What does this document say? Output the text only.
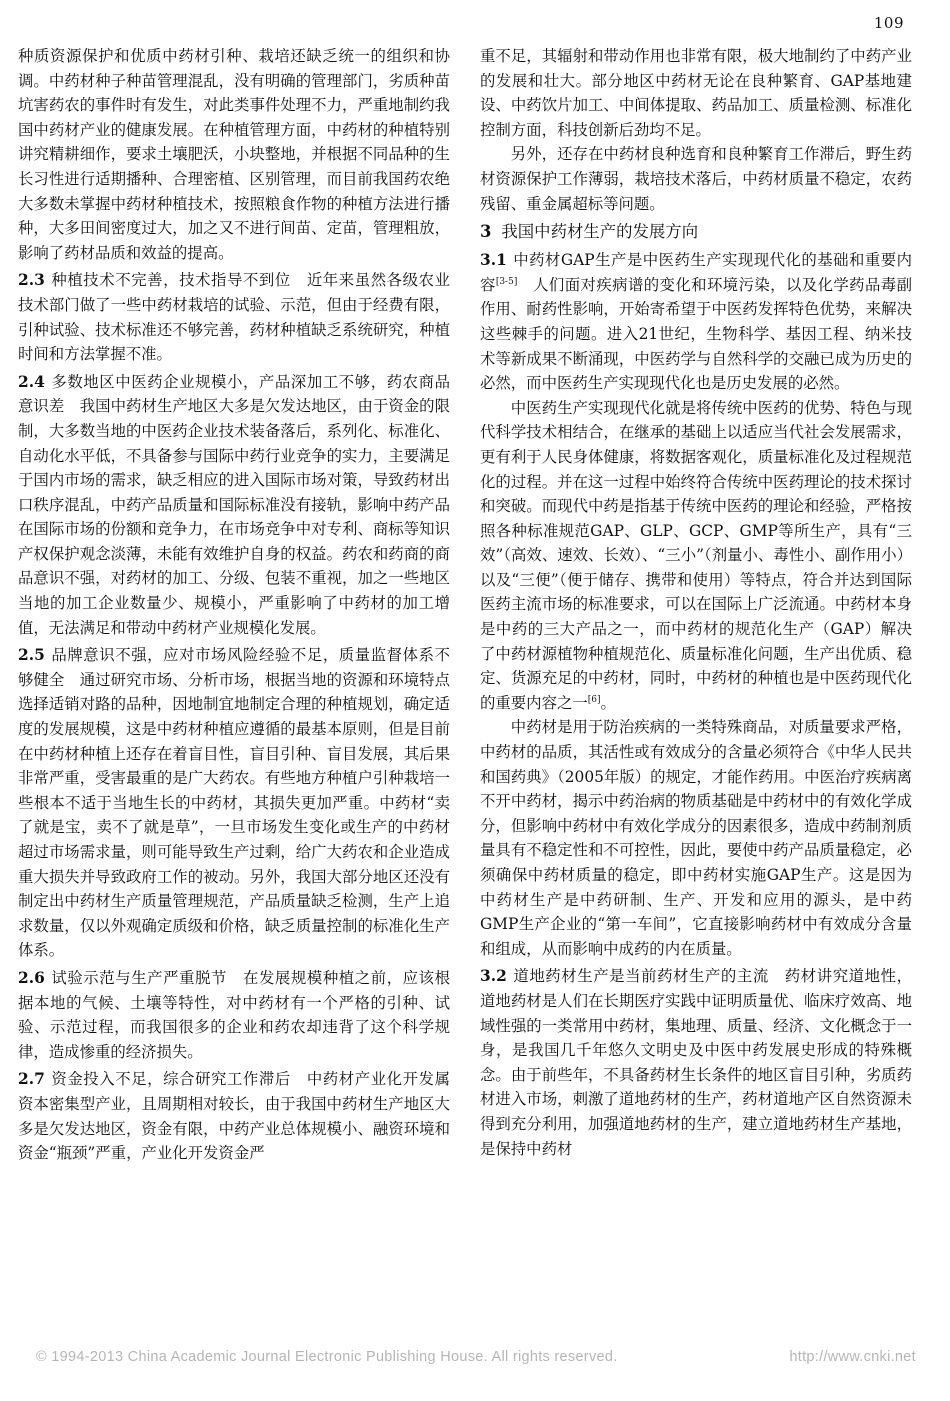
109

种质资源保护和优质中药材引种、栽培还缺乏统一的组织和协调。中药材种子种苗管理混乱，没有明确的管理部门，劣质种苗坑害药农的事件时有发生，对此类事件处理不力，严重地制约我国中药材产业的健康发展。在种植管理方面，中药材的种植特别讲究精耕细作，要求土壤肥沃，小块整地，并根据不同品种的生长习性进行适期播种、合理密植、区别管理，而目前我国药农绝大多数未掌握中药材种植技术，按照粮食作物的种植方法进行播种，大多田间密度过大，加之又不进行间苗、定苗，管理粗放，影响了药材品质和效益的提高。

2.3 种植技术不完善，技术指导不到位  近年来虽然各级农业技术部门做了一些中药材栽培的试验、示范，但由于经费有限，引种试验、技术标准还不够完善，药材种植缺乏系统研究，种植时间和方法掌握不准。

2.4 多数地区中医药企业规模小，产品深加工不够，药农商品意识差  我国中药材生产地区大多是欠发达地区，由于资金的限制，大多数当地的中医药企业技术装备落后，系列化、标准化、自动化水平低，不具备参与国际中药行业竞争的实力，主要满足于国内市场的需求，缺乏相应的进入国际市场对策，导致药材出口秩序混乱，中药产品质量和国际标准没有接轨，影响中药产品在国际市场的份额和竞争力，在市场竞争中对专利、商标等知识产权保护观念淡薄，未能有效维护自身的权益。药农和药商的商品意识不强，对药材的加工、分级、包装不重视，加之一些地区当地的加工企业数量少、规模小，严重影响了中药材的加工增值，无法满足和带动中药材产业规模化发展。

2.5 品牌意识不强，应对市场风险经验不足，质量监督体系不够健全  通过研究市场、分析市场，根据当地的资源和环境特点选择适销对路的品种，因地制宜地制定合理的种植规划，确定适度的发展规模，这是中药材种植应遵循的最基本原则，但是目前在中药材种植上还存在着盲目性，盲目引种、盲目发展，其后果非常严重，受害最重的是广大药农。有些地方种植户引种栽培一些根本不适于当地生长的中药材，其损失更加严重。中药材“卖了就是宝，卖不了就是草”，一旦市场发生变化或生产的中药材超过市场需求量，则可能导致生产过剩，给广大药农和企业造成重大损失并导致政府工作的被动。另外，我国大部分地区还没有制定出中药材生产质量管理规范，产品质量缺乏检测，生产上追求数量，仅以外观确定质级和价格，缺乏质量控制的标准化生产体系。

2.6 试验示范与生产严重脱节  在发展规模种植之前，应该根据本地的气候、土壤等特性，对中药材有一个严格的引种、试验、示范过程，而我国很多的企业和药农却违背了这个科学规律，造成惨重的经济损失。

2.7 资金投入不足，综合研究工作滞后  中药材产业化开发属资本密集型产业，且周期相对较长，由于我国中药材生产地区大多是欠发达地区，资金有限，中药产业总体规模小、融资环境和资金“瓶颈”严重，产业化开发资金严

重不足，其辐射和带动作用也非常有限，极大地制约了中药产业的发展和壮大。部分地区中药材无论在良种繁育、GAP基地建设、中药饮片加工、中间体提取、药品加工、质量检测、标准化控制方面，科技创新后劲均不足。

另外，还存在中药材良种选育和良种繁育工作滞后，野生药材资源保护工作薄弱，栽培技术落后，中药材质量不稳定，农药残留、重金属超标等问题。

3 我国中药材生产的发展方向

3.1 中药材GAP生产是中医药生产实现现代化的基础和重要内容[3-5]  人们面对疾病谱的变化和环境污染，以及化学药品毒副作用、耐药性影响，开始寄希望于中医药发挥特色优势，来解决这些棘手的问题。进入21世纪，生物科学、基因工程、纳米技术等新成果不断涌现，中医药学与自然科学的交融已成为历史的必然，而中医药生产实现现代化也是历史发展的必然。

中医药生产实现现代化就是将传统中医药的优势、特色与现代科学技术相结合，在继承的基础上以适应当代社会发展需求，更有利于人民身体健康，将数据客观化，质量标准化及过程规范化的过程。并在这一过程中始终符合传统中医药理论的技术探讨和突破。而现代中药是指基于传统中医药的理论和经验，严格按照各种标准规范GAP、GLP、GCP、GMP等所生产，具有“三效”（高效、速效、长效）、“三小”（剂量小、毒性小、副作用小）以及“三便”（便于储存、携带和使用）等特点，符合并达到国际医药主流市场的标准要求，可以在国际上广泛流通。中药材本身是中药的三大产品之一，而中药材的规范化生产（GAP）解决了中药材源植物种植规范化、质量标准化问题，生产出优质、稳定、货源充足的中药材，同时，中药材的种植也是中医药现代化的重要内容之一[6]。

中药材是用于防治疾病的一类特殊商品，对质量要求严格，中药材的品质，其活性或有效成分的含量必须符合《中华人民共和国药典》（2005年版）的规定，才能作药用。中医治疗疾病离不开中药材，揭示中药治病的物质基础是中药材中的有效化学成分，但影响中药材中有效化学成分的因素很多，造成中药制剂质量具有不稳定性和不可控性，因此，要使中药产品质量稳定，必须确保中药材质量的稳定，即中药材实施GAP生产。这是因为中药材生产是中药研制、生产、开发和应用的源头，是中药GMP生产企业的“第一车间”，它直接影响药材中有效成分含量和组成，从而影响中成药的内在质量。

3.2 道地药材生产是当前药材生产的主流  药材讲究道地性，道地药材是人们在长期医疗实践中证明质量优、临床疗效高、地域性强的一类常用中药材，集地理、质量、经济、文化概念于一身，是我国几千年悠久文明史及中医中药发展史形成的特殊概念。由于前些年，不具备药材生长条件的地区盲目引种，劣质药材进入市场，刺激了道地药材的生产，药材道地产区自然资源未得到充分利用，加强道地药材的生产，建立道地药材生产基地，是保持中药材

© 1994-2013 China Academic Journal Electronic Publishing House. All rights reserved.	http://www.cnki.net
